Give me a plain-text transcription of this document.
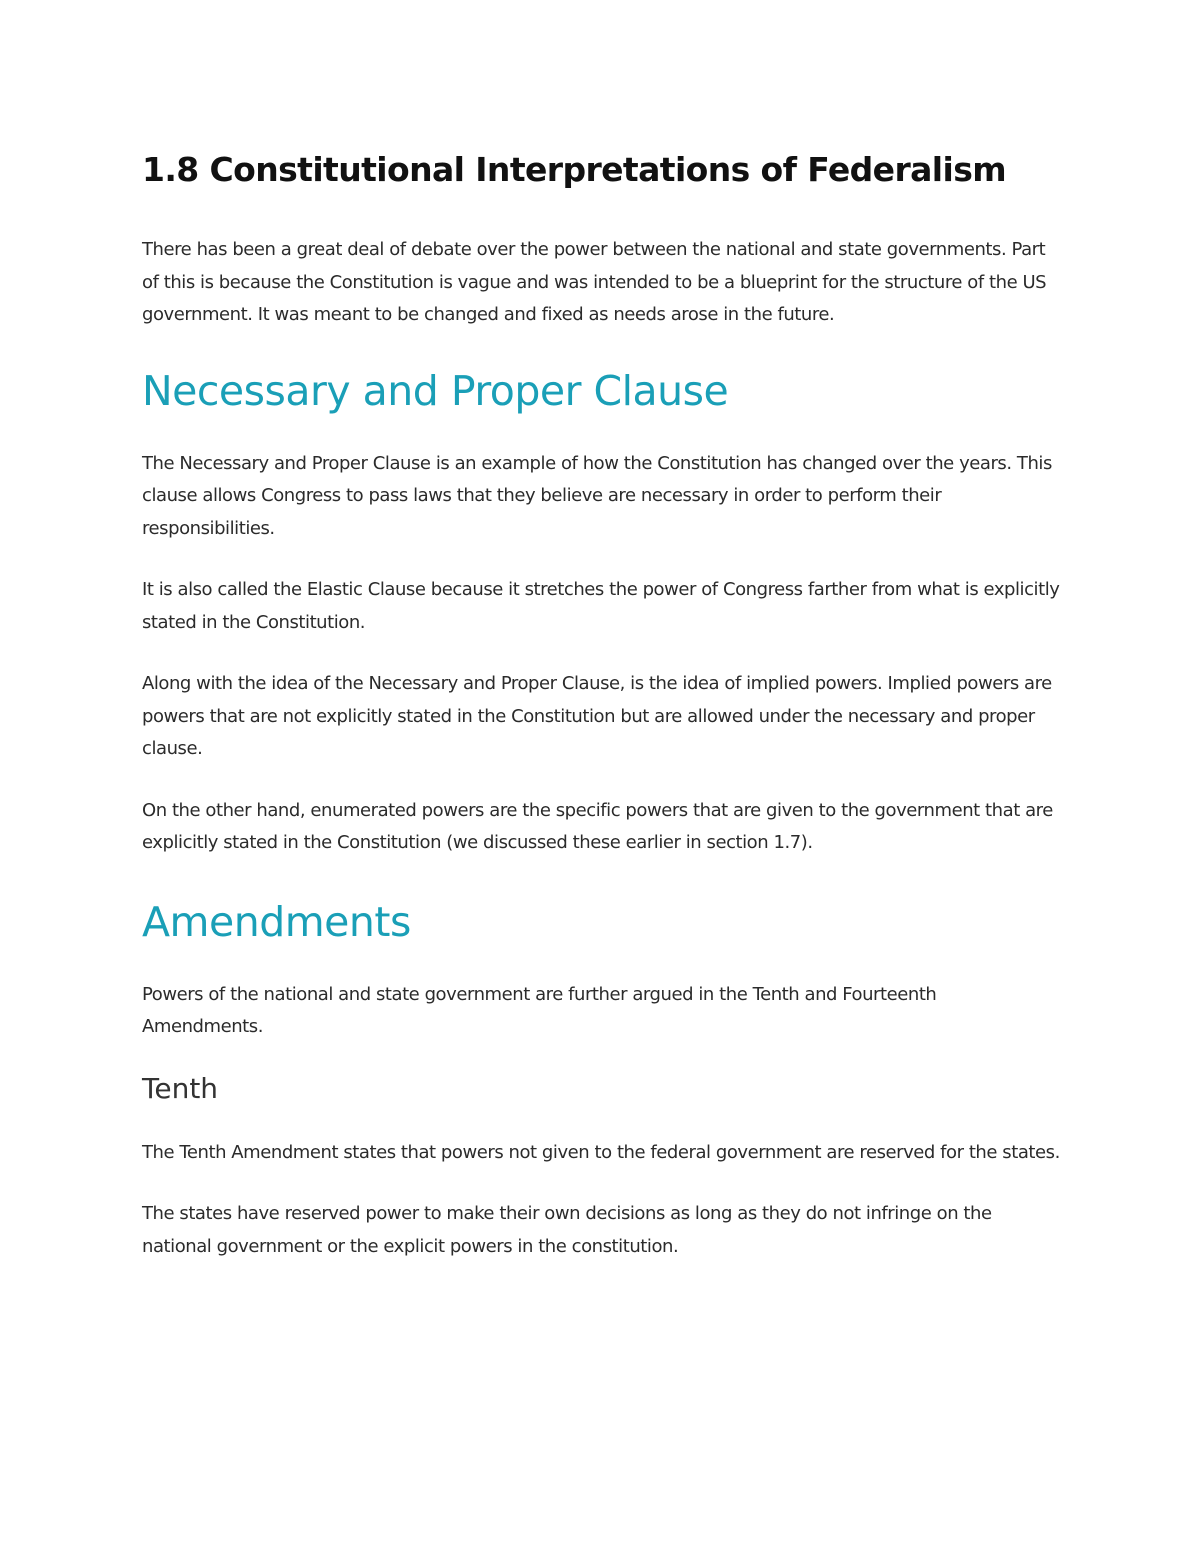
1.8 Constitutional Interpretations of Federalism

There has been a great deal of debate over the power between the national and state governments. Part of this is because the Constitution is vague and was intended to be a blueprint for the structure of the US government. It was meant to be changed and fixed as needs arose in the future.

Necessary and Proper Clause

The Necessary and Proper Clause is an example of how the Constitution has changed over the years. This clause allows Congress to pass laws that they believe are necessary in order to perform their responsibilities.

It is also called the Elastic Clause because it stretches the power of Congress farther from what is explicitly stated in the Constitution.

Along with the idea of the Necessary and Proper Clause, is the idea of implied powers. Implied powers are powers that are not explicitly stated in the Constitution but are allowed under the necessary and proper clause.

On the other hand, enumerated powers are the specific powers that are given to the government that are explicitly stated in the Constitution (we discussed these earlier in section 1.7).

Amendments

Powers of the national and state government are further argued in the Tenth and Fourteenth Amendments.

Tenth

The Tenth Amendment states that powers not given to the federal government are reserved for the states.

The states have reserved power to make their own decisions as long as they do not infringe on the national government or the explicit powers in the constitution.
